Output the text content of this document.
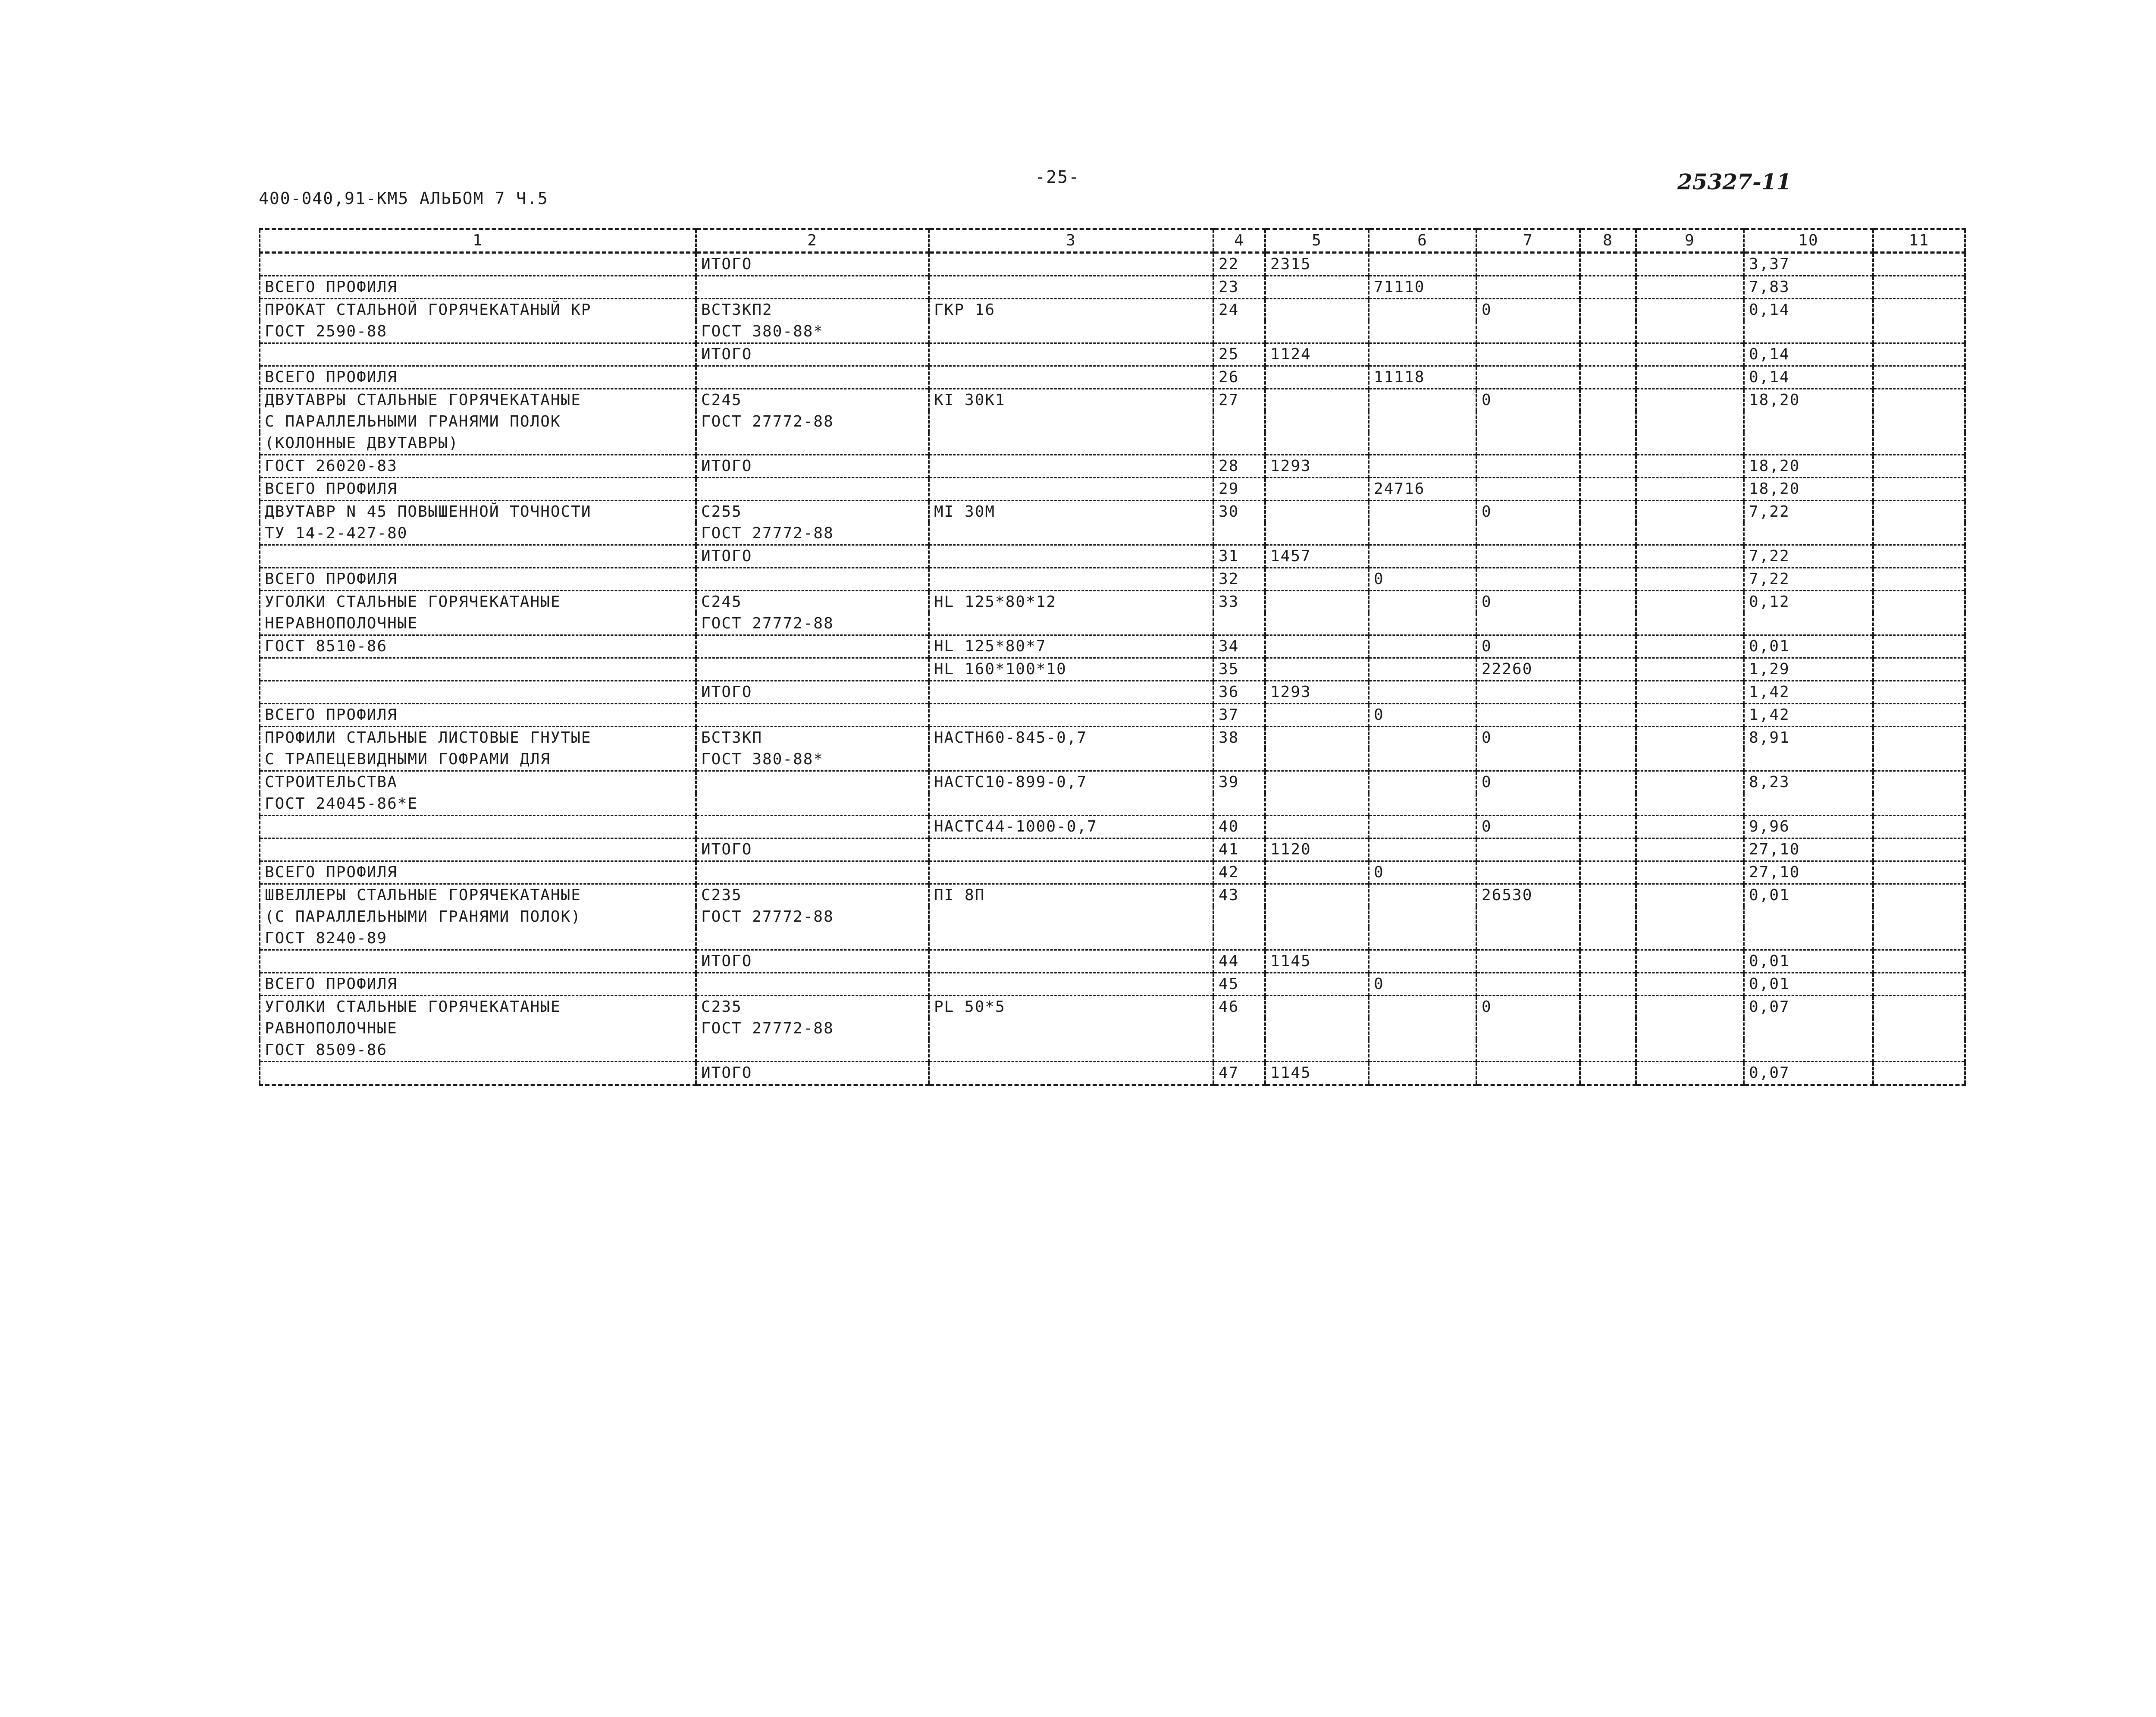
400-040,91-КМ5 АЛЬБОМ 7 Ч.5
-25-	25327-11
1	2	3	4	5	6	7	8	9	10	11
	ИТОГО		22	2315					3,37	
ВСЕГО ПРОФИЛЯ			23		71110				7,83	
ПРОКАТ СТАЛЬНОЙ ГОРЯЧЕКАТАНЫЙ КР	ВСТ3КП2	ГКР 16	24			0			0,14	
ГОСТ 2590-88	ГОСТ 380-88*									
	ИТОГО		25	1124					0,14	
ВСЕГО ПРОФИЛЯ			26		11118				0,14	
ДВУТАВРЫ СТАЛЬНЫЕ ГОРЯЧЕКАТАНЫЕ	С245	КI 30К1	27			0			18,20	
С ПАРАЛЛЕЛЬНЫМИ ГРАНЯМИ ПОЛОК	ГОСТ 27772-88									
(КОЛОННЫЕ ДВУТАВРЫ)										
ГОСТ 26020-83	ИТОГО		28	1293					18,20	
ВСЕГО ПРОФИЛЯ			29		24716				18,20	
ДВУТАВР N 45 ПОВЫШЕННОЙ ТОЧНОСТИ	С255	МI 30М	30			0			7,22	
ТУ 14-2-427-80	ГОСТ 27772-88									
	ИТОГО		31	1457					7,22	
ВСЕГО ПРОФИЛЯ			32		0				7,22	
УГОЛКИ СТАЛЬНЫЕ ГОРЯЧЕКАТАНЫЕ	С245	НL 125*80*12	33			0			0,12	
НЕРАВНОПОЛОЧНЫЕ	ГОСТ 27772-88									
ГОСТ 8510-86		НL 125*80*7	34			0			0,01	
		НL 160*100*10	35			22260			1,29	
	ИТОГО		36	1293					1,42	
ВСЕГО ПРОФИЛЯ			37		0				1,42	
ПРОФИЛИ СТАЛЬНЫЕ ЛИСТОВЫЕ ГНУТЫЕ	БСТ3КП	НАСТН60-845-0,7	38			0			8,91	
С ТРАПЕЦЕВИДНЫМИ ГОФРАМИ ДЛЯ	ГОСТ 380-88*									
СТРОИТЕЛЬСТВА		НАСТС10-899-0,7	39			0			8,23	
ГОСТ 24045-86*Е										
		НАСТС44-1000-0,7	40			0			9,96	
	ИТОГО		41	1120					27,10	
ВСЕГО ПРОФИЛЯ			42		0				27,10	
ШВЕЛЛЕРЫ СТАЛЬНЫЕ ГОРЯЧЕКАТАНЫЕ	С235	ПI 8П	43			26530			0,01	
(С ПАРАЛЛЕЛЬНЫМИ ГРАНЯМИ ПОЛОК)	ГОСТ 27772-88									
ГОСТ 8240-89										
	ИТОГО		44	1145					0,01	
ВСЕГО ПРОФИЛЯ			45		0				0,01	
УГОЛКИ СТАЛЬНЫЕ ГОРЯЧЕКАТАНЫЕ	С235	PL 50*5	46			0			0,07	
РАВНОПОЛОЧНЫЕ	ГОСТ 27772-88									
ГОСТ 8509-86										
	ИТОГО		47	1145					0,07	
